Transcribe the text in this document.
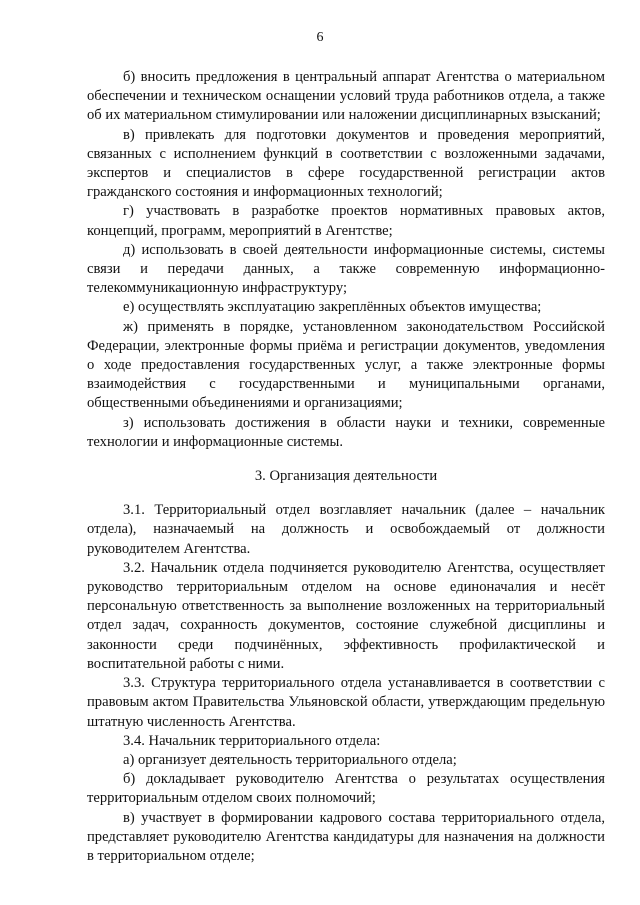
6

б) вносить предложения в центральный аппарат Агентства о материальном обеспечении и техническом оснащении условий труда работников отдела, а также об их материальном стимулировании или наложении дисциплинарных взысканий;

в) привлекать для подготовки документов и проведения мероприятий, связанных с исполнением функций в соответствии с возложенными задачами, экспертов и специалистов в сфере государственной регистрации актов гражданского состояния и информационных технологий;

г) участвовать в разработке проектов нормативных правовых актов, концепций, программ, мероприятий в Агентстве;

д) использовать в своей деятельности информационные системы, системы связи и передачи данных, а также современную информационно-телекоммуникационную инфраструктуру;

е) осуществлять эксплуатацию закреплённых объектов имущества;

ж) применять в порядке, установленном законодательством Российской Федерации, электронные формы приёма и регистрации документов, уведомления о ходе предоставления государственных услуг, а также электронные формы взаимодействия с государственными и муниципальными органами, общественными объединениями и организациями;

з) использовать достижения в области науки и техники, современные технологии и информационные системы.

3. Организация деятельности

3.1. Территориальный отдел возглавляет начальник (далее – начальник отдела), назначаемый на должность и освобождаемый от должности руководителем Агентства.

3.2. Начальник отдела подчиняется руководителю Агентства, осуществляет руководство территориальным отделом на основе единоначалия и несёт персональную ответственность за выполнение возложенных на территориальный отдел задач, сохранность документов, состояние служебной дисциплины и законности среди подчинённых, эффективность профилактической и воспитательной работы с ними.

3.3. Структура территориального отдела устанавливается в соответствии с правовым актом Правительства Ульяновской области, утверждающим предельную штатную численность Агентства.

3.4. Начальник территориального отдела:

а) организует деятельность территориального отдела;

б) докладывает руководителю Агентства о результатах осуществления территориальным отделом своих полномочий;

в) участвует в формировании кадрового состава территориального отдела, представляет руководителю Агентства кандидатуры для назначения на должности в территориальном отделе;
